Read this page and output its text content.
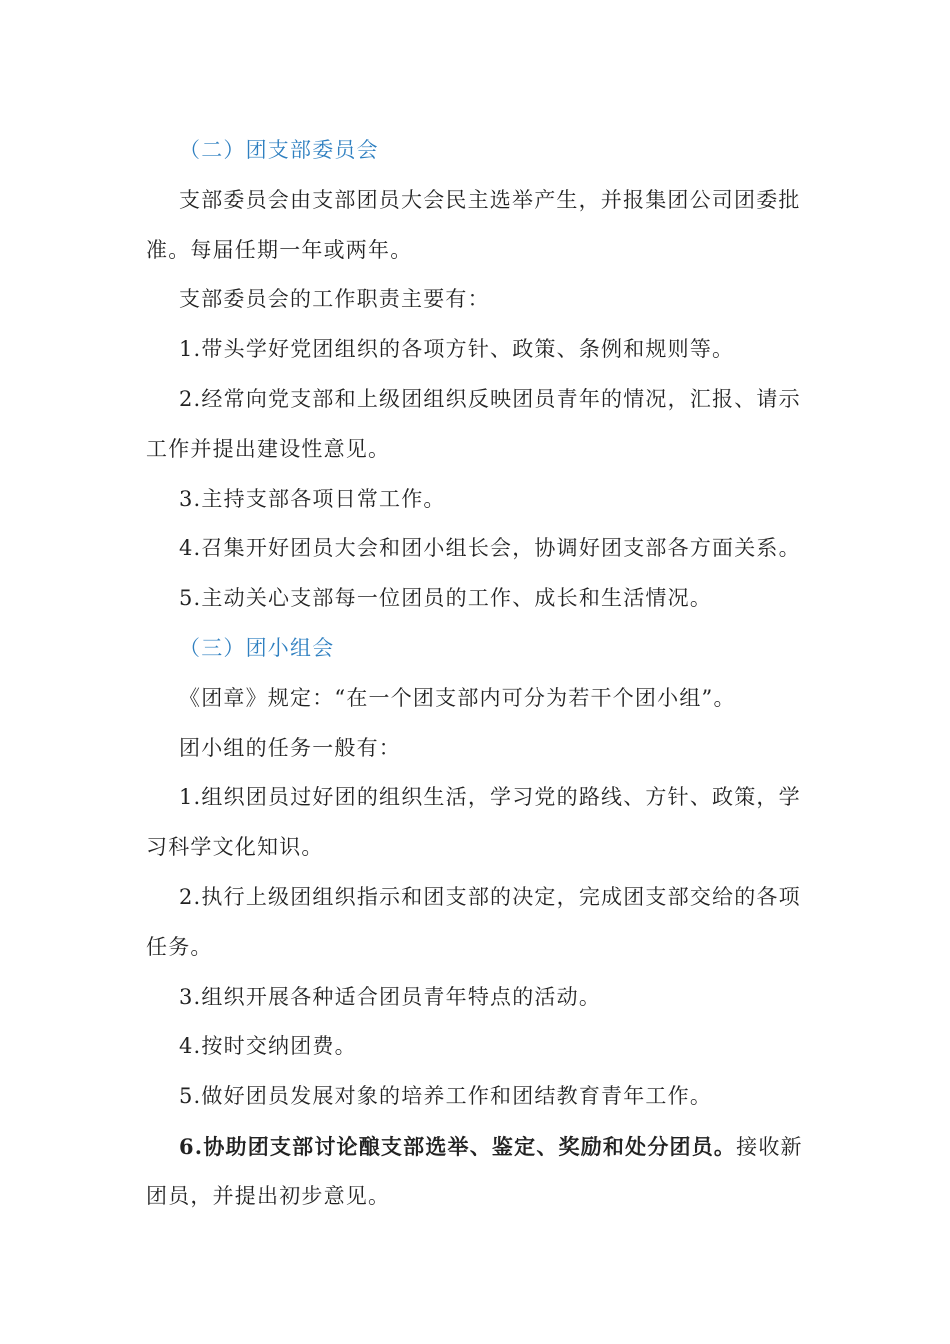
（二）团支部委员会
支部委员会由支部团员大会民主选举产生，并报集团公司团委批
准。每届任期一年或两年。
支部委员会的工作职责主要有：
1.带头学好党团组织的各项方针、政策、条例和规则等。
2.经常向党支部和上级团组织反映团员青年的情况，汇报、请示
工作并提出建设性意见。
3.主持支部各项日常工作。
4.召集开好团员大会和团小组长会，协调好团支部各方面关系。
5.主动关心支部每一位团员的工作、成长和生活情况。
（三）团小组会
《团章》规定：“在一个团支部内可分为若干个团小组”。
团小组的任务一般有：
1.组织团员过好团的组织生活，学习党的路线、方针、政策，学
习科学文化知识。
2.执行上级团组织指示和团支部的决定，完成团支部交给的各项
任务。
3.组织开展各种适合团员青年特点的活动。
4.按时交纳团费。
5.做好团员发展对象的培养工作和团结教育青年工作。
6.协助团支部讨论酿支部选举、鉴定、奖励和处分团员。接收新
团员，并提出初步意见。
